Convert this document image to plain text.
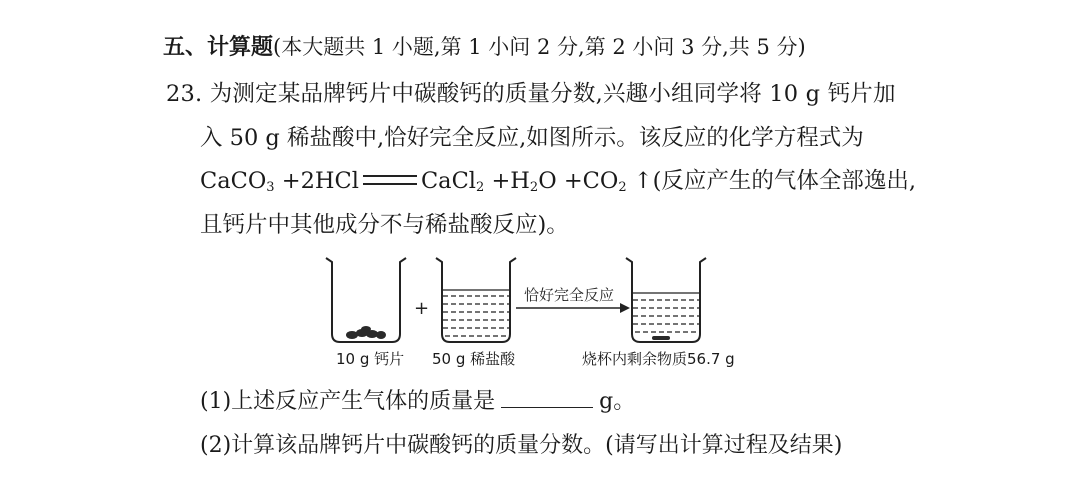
五、计算题(本大题共 1 小题,第 1 小问 2 分,第 2 小问 3 分,共 5 分)
23. 为测定某品牌钙片中碳酸钙的质量分数,兴趣小组同学将 10 g 钙片加
入 50 g 稀盐酸中,恰好完全反应,如图所示。该反应的化学方程式为
CaCO$_3$ +2HCl	CaCl$_2$ $+H_2O +CO_2$ ↑(反应产生的气体全部逸出,
且钙片中其他成分不与稀盐酸反应)。
+
恰好完全反应
10 g 钙片 50 g 稀盐酸	烧杯内剩余物质56.7 g
(1)上述反应产生气体的质量是	g。
(2)计算该品牌钙片中碳酸钙的质量分数。(请写出计算过程及结果)
